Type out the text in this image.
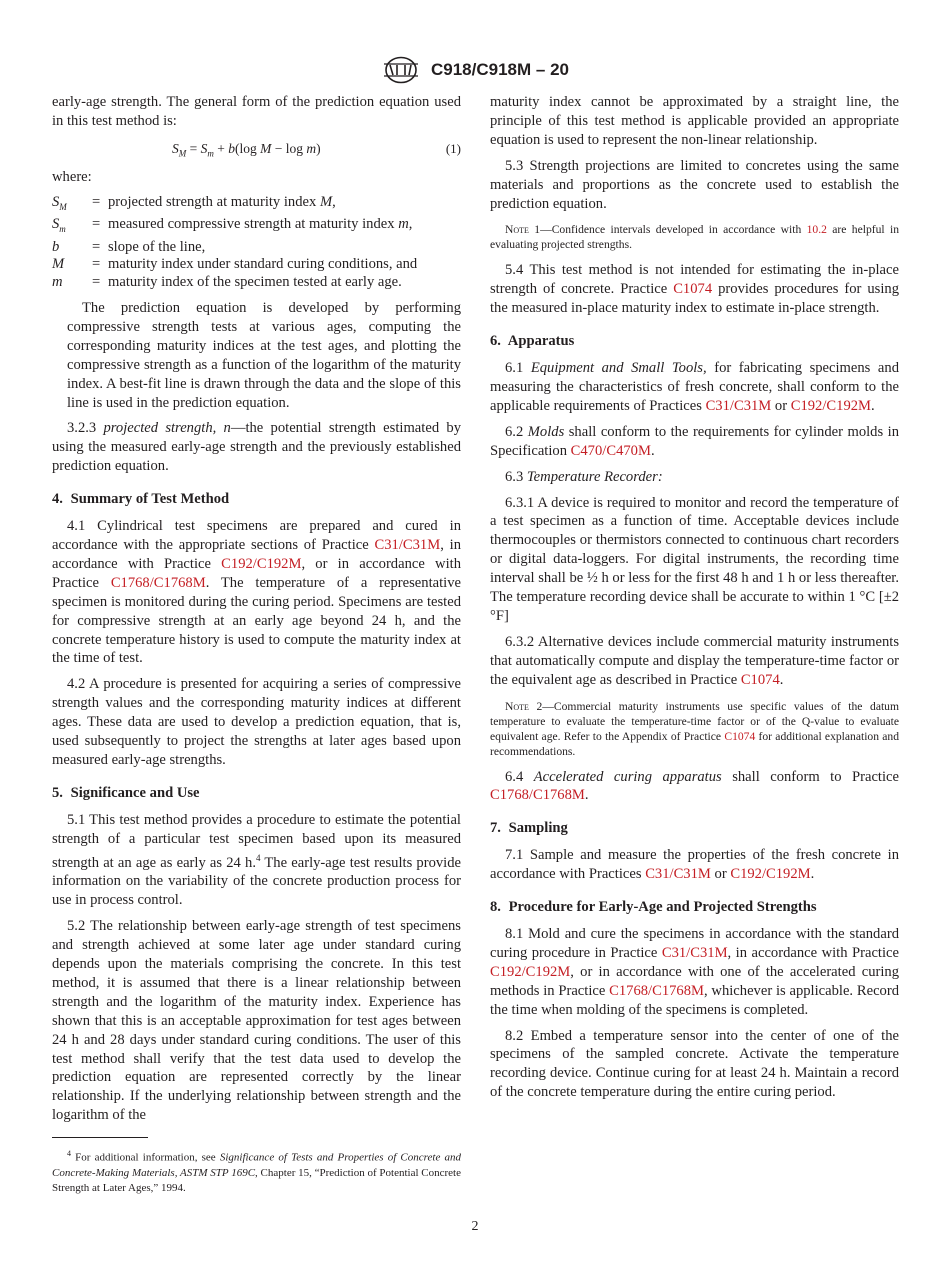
C918/C918M – 20

early-age strength. The general form of the prediction equation used in this test method is:

$S_M = S_m + b(\log$ M − log m)	(1)

where:

$S_M$	= projected strength at maturity index M,
$S_m$	= measured compressive strength at maturity index m,
b	= slope of the line,
M	= maturity index under standard curing conditions, and
m	= maturity index of the specimen tested at early age.

The prediction equation is developed by performing compressive strength tests at various ages, computing the corresponding maturity indices at the test ages, and plotting the compressive strength as a function of the logarithm of the maturity index. A best-fit line is drawn through the data and the slope of this line is used in the prediction equation.

3.2.3 projected strength, n—the potential strength estimated by using the measured early-age strength and the previously established prediction equation.

4. Summary of Test Method

4.1 Cylindrical test specimens are prepared and cured in accordance with the appropriate sections of Practice C31/C31M, in accordance with Practice C192/C192M, or in accordance with Practice C1768/C1768M. The temperature of a representative specimen is monitored during the curing period. Specimens are tested for compressive strength at an early age beyond 24 h, and the concrete temperature history is used to compute the maturity index at the time of test.

4.2 A procedure is presented for acquiring a series of compressive strength values and the corresponding maturity indices at different ages. These data are used to develop a prediction equation, that is, used subsequently to project the strengths at later ages based upon measured early-age strengths.

5. Significance and Use

5.1 This test method provides a procedure to estimate the potential strength of a particular test specimen based upon its measured strength at an age as early as 24 h.$^4$ The early-age test results provide information on the variability of the concrete production process for use in process control.

5.2 The relationship between early-age strength of test specimens and strength achieved at some later age under standard curing depends upon the materials comprising the concrete. In this test method, it is assumed that there is a linear relationship between strength and the logarithm of the maturity index. Experience has shown that this is an acceptable approximation for test ages between 24 h and 28 days under standard curing conditions. The user of this test method shall verify that the test data used to develop the prediction equation are represented correctly by the linear relationship. If the underlying relationship between strength and the logarithm of the

$^4$ For additional information, see Significance of Tests and Properties of Concrete and Concrete-Making Materials, ASTM STP 169C, Chapter 15, “Prediction of Potential Concrete Strength at Later Ages,” 1994.

maturity index cannot be approximated by a straight line, the principle of this test method is applicable provided an appropriate equation is used to represent the non-linear relationship.

5.3 Strength projections are limited to concretes using the same materials and proportions as the concrete used to establish the prediction equation.

Note 1—Confidence intervals developed in accordance with 10.2 are helpful in evaluating projected strengths.

5.4 This test method is not intended for estimating the in-place strength of concrete. Practice C1074 provides procedures for using the measured in-place maturity index to estimate in-place strength.

6. Apparatus

6.1 Equipment and Small Tools, for fabricating specimens and measuring the characteristics of fresh concrete, shall conform to the applicable requirements of Practices C31/C31M or C192/C192M.

6.2 Molds shall conform to the requirements for cylinder molds in Specification C470/C470M.

6.3 Temperature Recorder:

6.3.1 A device is required to monitor and record the temperature of a test specimen as a function of time. Acceptable devices include thermocouples or thermistors connected to continuous chart recorders or digital data-loggers. For digital instruments, the recording time interval shall be ½ h or less for the first 48 h and 1 h or less thereafter. The temperature recording device shall be accurate to within 1 °C [±2 °F]

6.3.2 Alternative devices include commercial maturity instruments that automatically compute and display the temperature-time factor or the equivalent age as described in Practice C1074.

Note 2—Commercial maturity instruments use specific values of the datum temperature to evaluate the temperature-time factor or of the Q-value to evaluate equivalent age. Refer to the Appendix of Practice C1074 for additional explanation and recommendations.

6.4 Accelerated curing apparatus shall conform to Practice C1768/C1768M.

7. Sampling

7.1 Sample and measure the properties of the fresh concrete in accordance with Practices C31/C31M or C192/C192M.

8. Procedure for Early-Age and Projected Strengths

8.1 Mold and cure the specimens in accordance with the standard curing procedure in Practice C31/C31M, in accordance with Practice C192/C192M, or in accordance with one of the accelerated curing methods in Practice C1768/C1768M, whichever is applicable. Record the time when molding of the specimens is completed.

8.2 Embed a temperature sensor into the center of one of the specimens of the sampled concrete. Activate the temperature recording device. Continue curing for at least 24 h. Maintain a record of the concrete temperature during the entire curing period.

2
